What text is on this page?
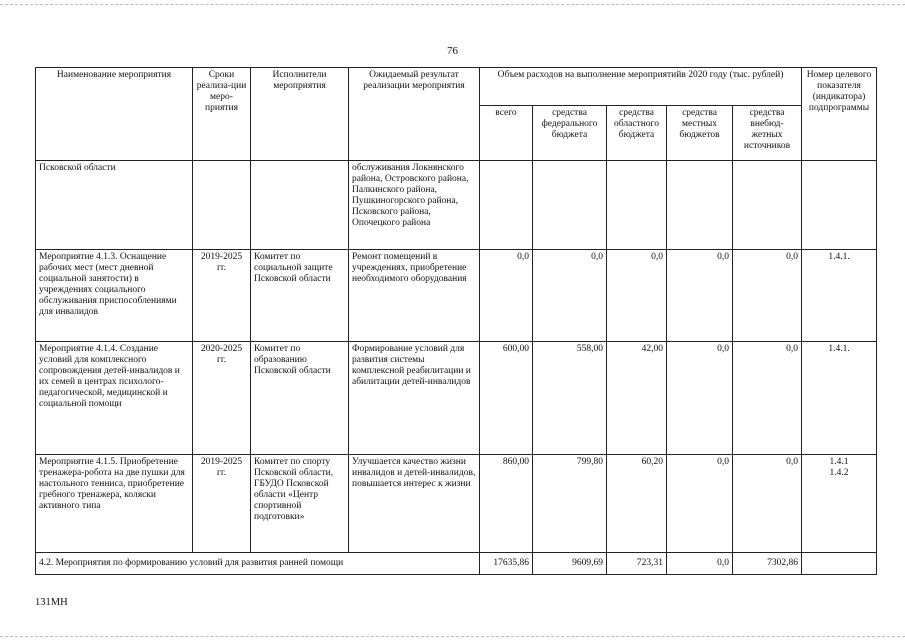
76
Наименование мероприятия	Сроки реализа-ции меро-приятия	Исполнители мероприятия	Ожидаемый результат реализации мероприятия	Объем расходов на выполнение мероприятийв 2020 году (тыс. рублей)					Номер целевого показателя (индикатора) подпрограммы
				всего	средства федерального бюджета	средства областного бюджета	средства местных бюджетов	средства внебюд-жетных источников	
Псковской области			обслуживания Локнянского района, Островского района, Палкинского района, Пушкиногорского района, Псковского района, Опочецкого района						
Мероприятие 4.1.3. Оснащение рабочих мест (мест дневной социальной занятости) в учреждениях социального обслуживания приспособлениями для инвалидов	2019-2025 гг.	Комитет по социальной защите Псковской области	Ремонт помещений в учреждениях, приобретение необходимого оборудования	0,0	0,0	0,0	0,0	0,0	1.4.1.

Мероприятие 4.1.4. Создание условий для комплексного сопровождения детей-инвалидов и их семей в центрах психолого-педагогической, медицинской и социальной помощи	2020-2025 гг.	Комитет по образованию Псковской области	Формирование условий для развития системы комплексной реабилитации и абилитации детей-инвалидов	600,00	558,00	42,00	0,0	0,0	1.4.1.

Мероприятие 4.1.5. Приобретение тренажера-робота на две пушки для настольного тенниса, приобретение гребного тренажера, коляски активного типа	2019-2025 гг.	Комитет по спорту Псковской области, ГБУДО Псковской области «Центр спортивной подготовки»	Улучшается качество жизни инвалидов и детей-инвалидов, повышается интерес к жизни	860,00	799,80	60,20	0,0	0,0	1.4.1
1.4.2

4.2. Мероприятия по формированию условий для развития ранней помощи				17635,86	9609,69	723,31	0,0	7302,86	
131МН
